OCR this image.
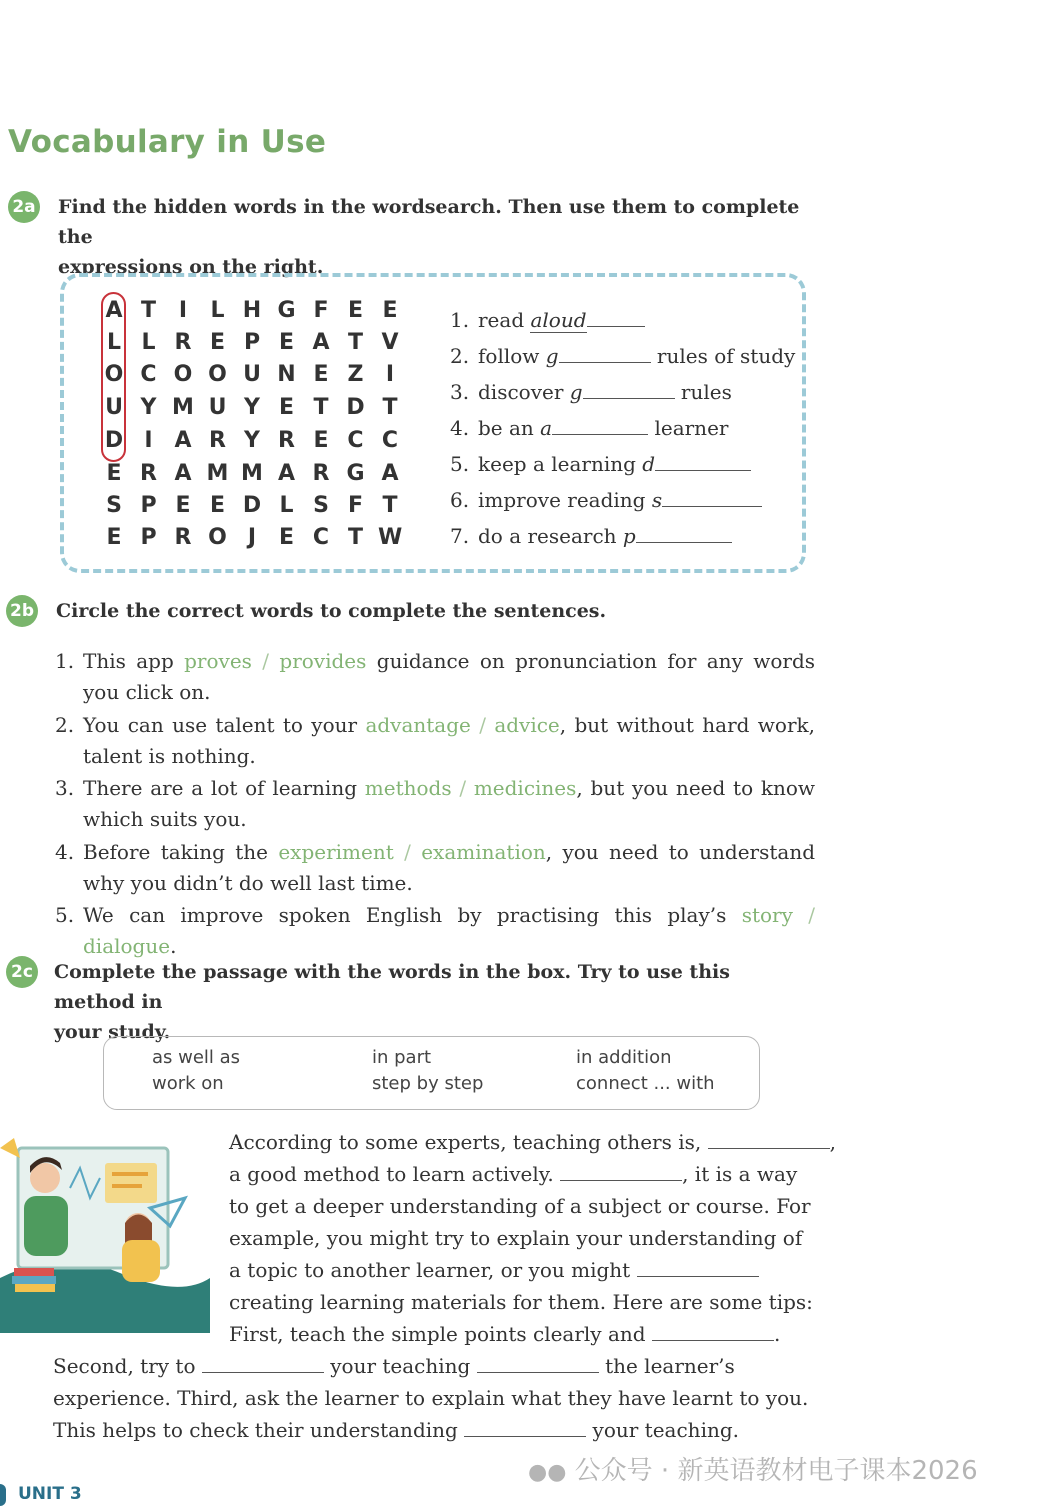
Vocabulary in Use
2a Find the hidden words in the wordsearch. Then use them to complete the
expressions on the right.
A T	I	L H G F E E
L L R E P E A T V
O C O O U N E Z	I
U Y M U Y E T D T
D I A R Y R E C C
E R A M M A R G A
S P E E D L S F T
E P R O J	E C T W
1. read aloud
2. follow g	rules of study
3. discover g	rules
4. be an a	learner
5. keep a learning d
6. improve reading s
7. do a research p
2b Circle the correct words to complete the sentences.
1. This app proves / provides guidance on pronunciation for any words you click on.
2. You can use talent to your advantage / advice, but without hard work, talent is nothing.
3. There are a lot of learning methods / medicines, but you need to know which suits you.
4. Before taking the experiment / examination, you need to understand why you didn’t do well last time.
5. We can improve spoken English by practising this play’s story / dialogue.
2c Complete the passage with the words in the box. Try to use this method in
your study.
as well as	in part	in addition
work on	step by step	connect ... with
According to some experts, teaching others is,	,
a good method to learn actively.	, it is a way
to get a deeper understanding of a subject or course. For
example, you might try to explain your understanding of
a topic to another learner, or you might
creating learning materials for them. Here are some tips:
First, teach the simple points clearly and	.
Second, try to	your teaching	the learner’s
experience. Third, ask the learner to explain what they have learnt to you.
This helps to check their understanding	your teaching.
UNIT 3
●● 公众号 · 新英语教材电子课本2026
